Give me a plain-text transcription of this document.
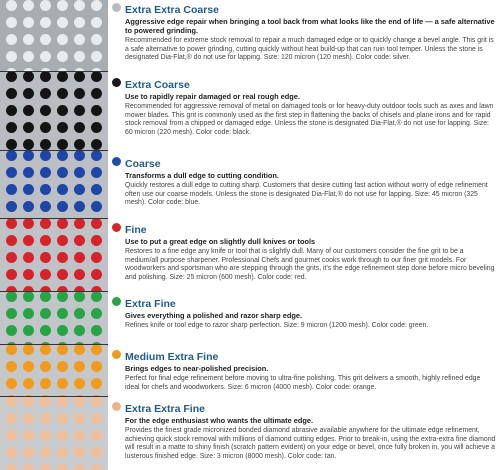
Extra Extra Coarse
Aggressive edge repair when bringing a tool back from what looks like the end of life — a safe alternative to powered grinding.
Recommended for extreme stock removal to repair a much damaged edge or to quickly change a bevel angle. This grit is a safe alternative to power grinding, cutting quickly without heat build-up that can ruin tool temper. Unless the stone is designated Dia-Flat,® do not use for lapping. Size: 120 micron (120 mesh). Color code: silver.
Extra Coarse
Use to rapidly repair damaged or real rough edge.
Recommended for aggressive removal of metal on damaged tools or for heavy-duty outdoor tools such as axes and lawn mower blades. This grit is commonly used as the first step in flattening the backs of chisels and plane irons and for rapid stock removal from a chipped or damaged edge. Unless the stone is designated Dia-Flat,® do not use for lapping. Size: 60 micron (220 mesh). Color code: black.
Coarse
Transforms a dull edge to cutting condition.
Quickly restores a dull edge to cutting sharp. Customers that desire cutting fast action without worry of edge refinement often use our coarse models. Unless the stone is designated Dia-Flat,® do not use for lapping. Size: 45 micron (325 mesh). Color code: blue.
Fine
Use to put a great edge on slightly dull knives or tools
Restores to a fine edge any knife or tool that is slightly dull. Many of our customers consider the fine grit to be a medium/all purpose sharpener. Professional Chefs and gourmet cooks work through to our finer grit models. For woodworkers and sportsman who are stepping through the grits, it's the edge refinement step done before micro beveling and polishing. Size: 25 micron (600 mesh). Color code: red.
Extra Fine
Gives everything a polished and razor sharp edge.
Refines knife or tool edge to razor sharp perfection. Size: 9 micron (1200 mesh). Color code: green.
Medium Extra Fine
Brings edges to near-polished precision.
Perfect for final edge refinement before moving to ultra-fine polishing. This grit delivers a smooth, highly refined edge ideal for chefs and woodworkers. Size: 6 micron (4000 mesh). Color code: orange.
Extra Extra Fine
For the edge enthusiast who wants the ultimate edge.
Provides the finest grade micronized bonded diamond abrasive available anywhere for the ultimate edge refinement, achieving quick stock removal with millions of diamond cutting edges. Prior to break-in, using the extra-extra fine diamond will result in a matte to shiny finish (scratch pattern evident) on your edge or bevel, once fully broken in, you will achieve a lusterous finished edge. Size: 3 micron (8000 mesh). Color code: tan.
